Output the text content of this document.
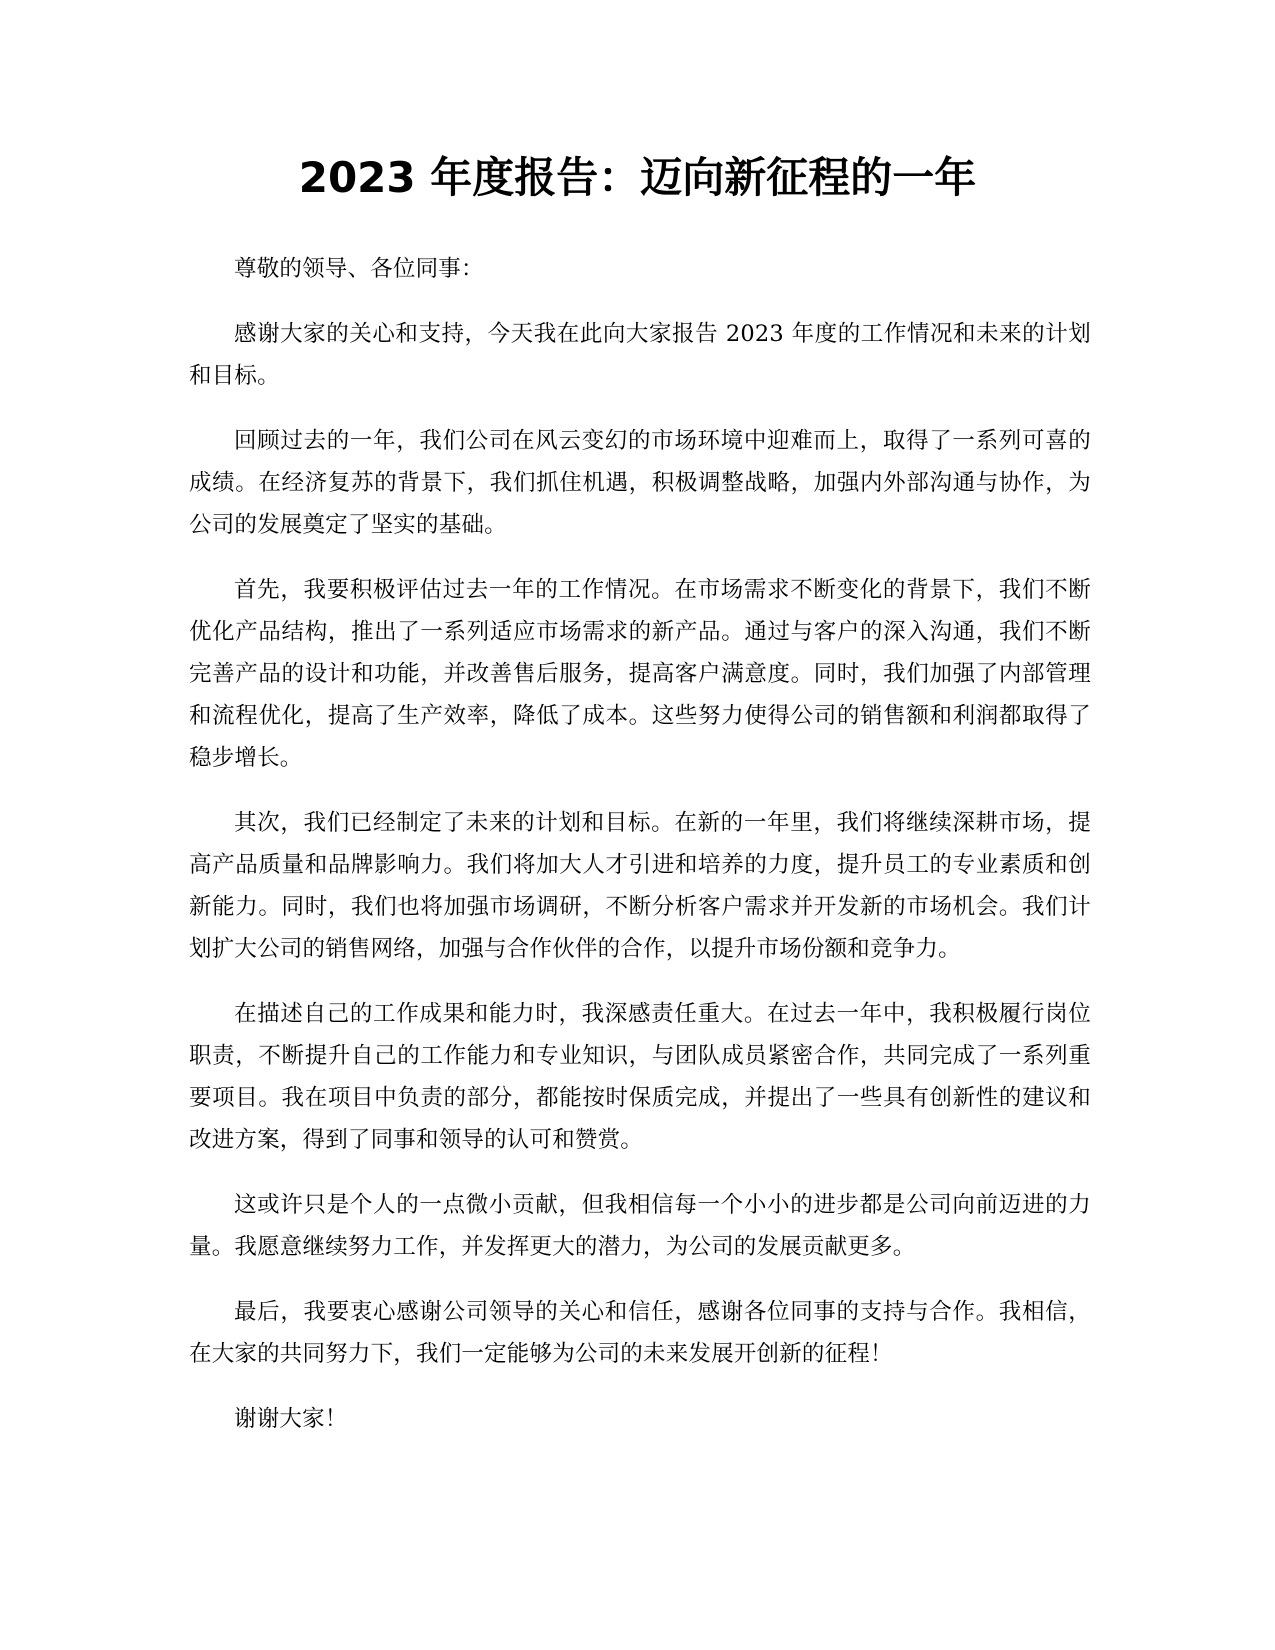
2023 年度报告：迈向新征程的一年

尊敬的领导、各位同事：

感谢大家的关心和支持，今天我在此向大家报告 2023 年度的工作情况和未来的计划和目标。

回顾过去的一年，我们公司在风云变幻的市场环境中迎难而上，取得了一系列可喜的成绩。在经济复苏的背景下，我们抓住机遇，积极调整战略，加强内外部沟通与协作，为公司的发展奠定了坚实的基础。

首先，我要积极评估过去一年的工作情况。在市场需求不断变化的背景下，我们不断优化产品结构，推出了一系列适应市场需求的新产品。通过与客户的深入沟通，我们不断完善产品的设计和功能，并改善售后服务，提高客户满意度。同时，我们加强了内部管理和流程优化，提高了生产效率，降低了成本。这些努力使得公司的销售额和利润都取得了稳步增长。

其次，我们已经制定了未来的计划和目标。在新的一年里，我们将继续深耕市场，提高产品质量和品牌影响力。我们将加大人才引进和培养的力度，提升员工的专业素质和创新能力。同时，我们也将加强市场调研，不断分析客户需求并开发新的市场机会。我们计划扩大公司的销售网络，加强与合作伙伴的合作，以提升市场份额和竞争力。

在描述自己的工作成果和能力时，我深感责任重大。在过去一年中，我积极履行岗位职责，不断提升自己的工作能力和专业知识，与团队成员紧密合作，共同完成了一系列重要项目。我在项目中负责的部分，都能按时保质完成，并提出了一些具有创新性的建议和改进方案，得到了同事和领导的认可和赞赏。

这或许只是个人的一点微小贡献，但我相信每一个小小的进步都是公司向前迈进的力量。我愿意继续努力工作，并发挥更大的潜力，为公司的发展贡献更多。

最后，我要衷心感谢公司领导的关心和信任，感谢各位同事的支持与合作。我相信，在大家的共同努力下，我们一定能够为公司的未来发展开创新的征程！

谢谢大家！
